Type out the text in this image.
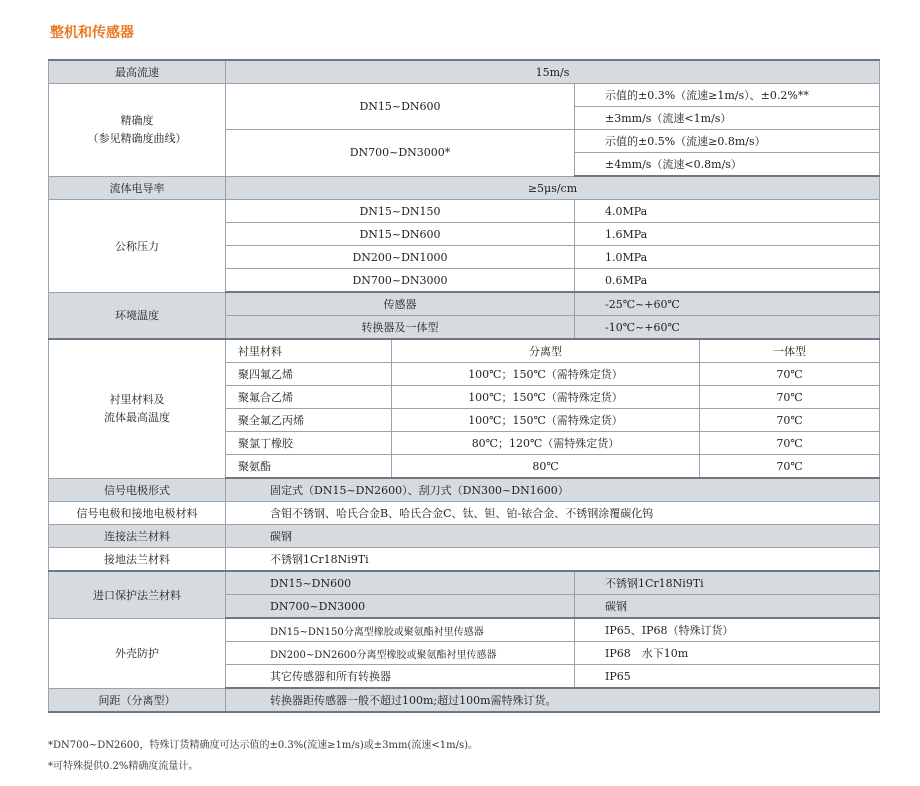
整机和传感器
最高流速	15m/s			

精确度
（参见精确度曲线）	DN15~DN600		示值的±0.3%（流速≥1m/s）、±0.2%**	
			±3mm/s（流速<1m/s）	
	DN700~DN3000*		示值的±0.5%（流速≥0.8m/s）	
			±4mm/s（流速<0.8m/s）	
流体电导率	≥5μs/cm			
公称压力	DN15~DN150		4.0MPa	
	DN15~DN600		1.6MPa	
	DN200~DN1000		1.0MPa	
	DN700~DN3000		0.6MPa	
环境温度	传感器		-25℃~+60℃	
	转换器及一体型		-10℃~+60℃	

衬里材料及
流体最高温度	衬里材料	分离型		一体型
	聚四氟乙烯	100℃；150℃（需特殊定货）		70℃
	聚氟合乙烯	100℃；150℃（需特殊定货）		70℃
	聚全氟乙丙烯	100℃；150℃（需特殊定货）		70℃
	聚氯丁橡胶	80℃；120℃（需特殊定货）		70℃
	聚氨酯	80℃		70℃
信号电极形式	固定式（DN15~DN2600）、刮刀式（DN300~DN1600）			
信号电极和接地电极材料	含钼不锈钢、哈氏合金B、哈氏合金C、钛、钽、铂-铱合金、不锈钢涂覆碳化钨			
连接法兰材料	碳钢			
接地法兰材料	不锈钢1Cr18Ni9Ti			
进口保护法兰材料	DN15~DN600		不锈钢1Cr18Ni9Ti	
	DN700~DN3000		碳钢	
外壳防护	DN15~DN150分离型橡胶或聚氨酯衬里传感器		IP65、IP68（特殊订货）	
	DN200~DN2600分离型橡胶或聚氨酯衬里传感器		IP68　水下10m	
	其它传感器和所有转换器		IP65	
间距（分离型）	转换器距传感器一般不超过100m;超过100m需特殊订货。			
*DN700~DN2600，特殊订货精确度可达示值的±0.3%(流速≥1m/s)或±3mm(流速<1m/s)。
*可特殊提供0.2%精确度流量计。
